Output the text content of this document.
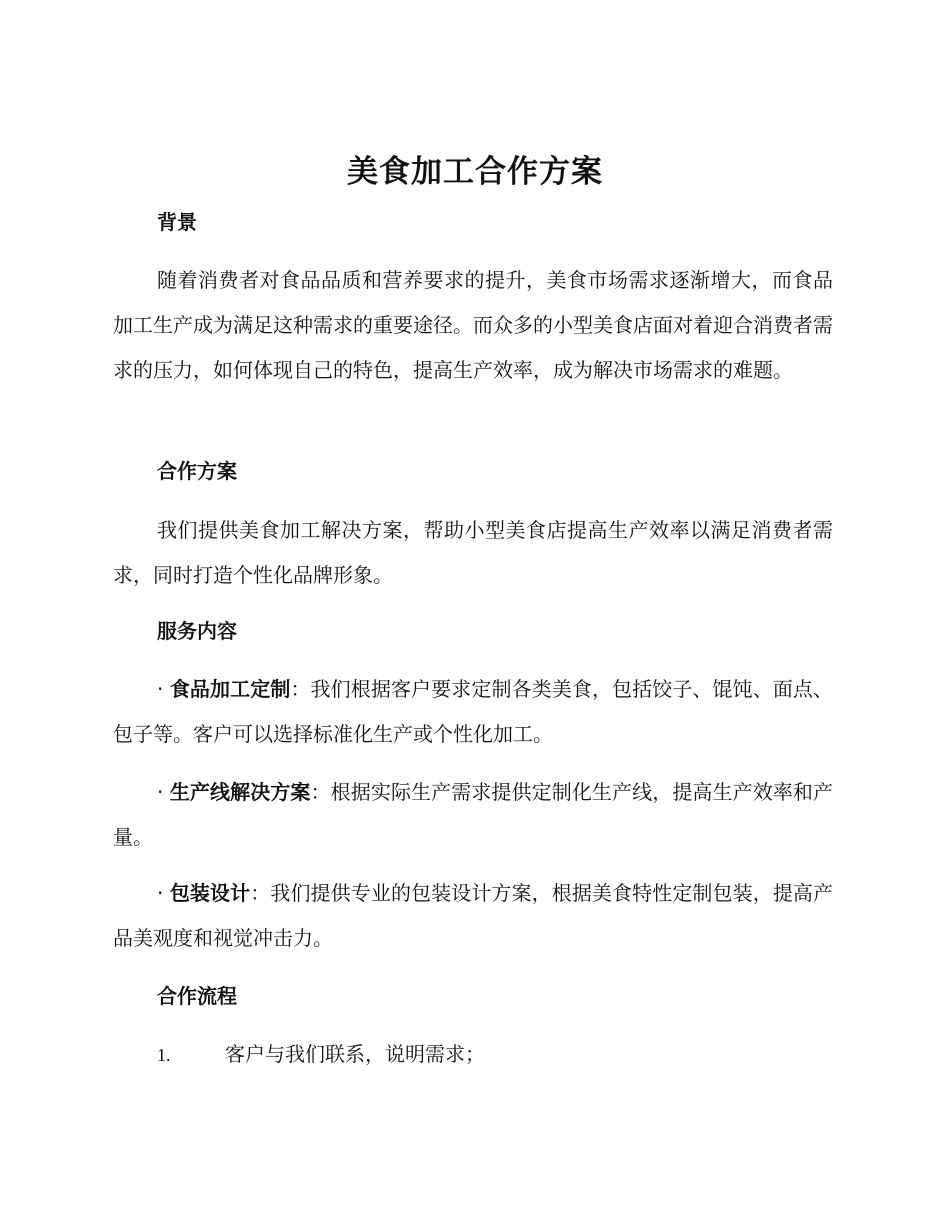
美食加工合作方案
背景
随着消费者对食品品质和营养要求的提升，美食市场需求逐渐增大，而食品加工生产成为满足这种需求的重要途径。而众多的小型美食店面对着迎合消费者需求的压力，如何体现自己的特色，提高生产效率，成为解决市场需求的难题。
合作方案
我们提供美食加工解决方案，帮助小型美食店提高生产效率以满足消费者需求，同时打造个性化品牌形象。
服务内容
· 食品加工定制：我们根据客户要求定制各类美食，包括饺子、馄饨、面点、包子等。客户可以选择标准化生产或个性化加工。
· 生产线解决方案：根据实际生产需求提供定制化生产线，提高生产效率和产量。
· 包装设计：我们提供专业的包装设计方案，根据美食特性定制包装，提高产品美观度和视觉冲击力。
合作流程
1.	客户与我们联系，说明需求；
